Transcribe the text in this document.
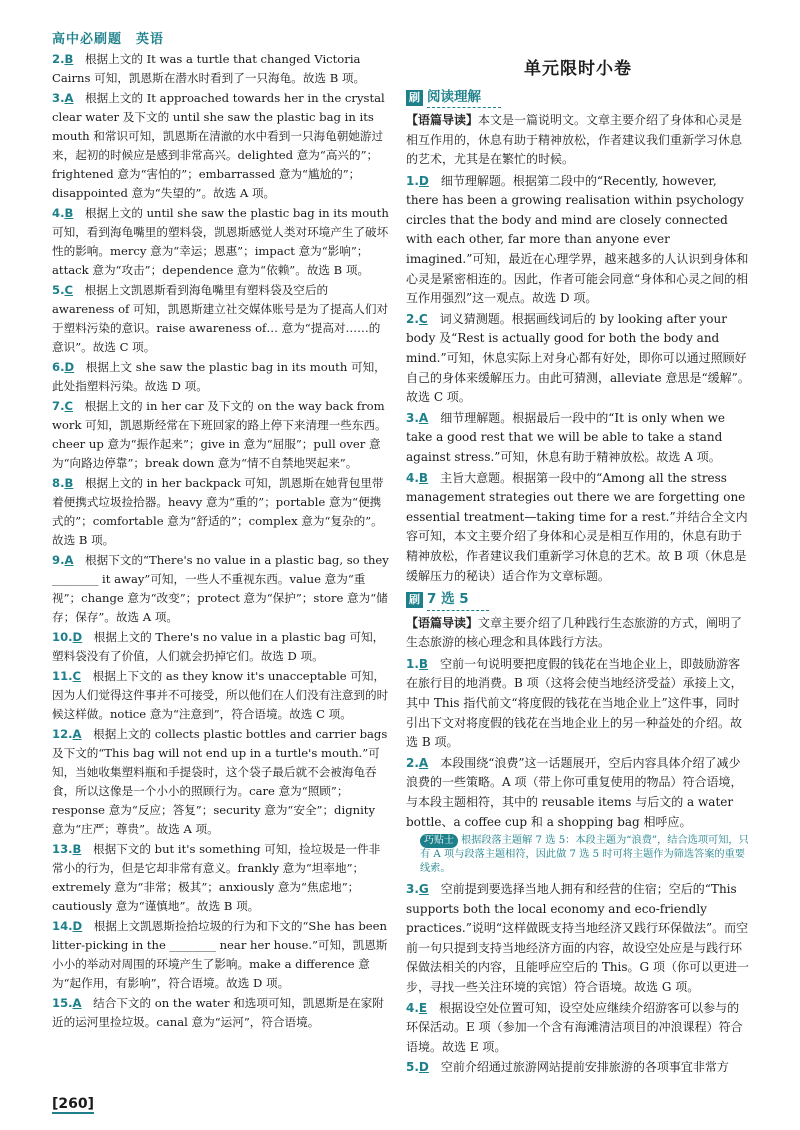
高中必刷题　英语
2.B　 根据上文的 It was a turtle that changed Victoria Cairns 可知，凯恩斯在潜水时看到了一只海龟。故选 B 项。
3.A　 根据上文的 It approached towards her in the crystal clear water 及下文的 until she saw the plastic bag in its mouth 和常识可知，凯恩斯在清澈的水中看到一只海龟朝她游过来，起初的时候应是感到非常高兴。delighted 意为“高兴的”；frightened 意为“害怕的”；embarrassed 意为“尴尬的”；disappointed 意为“失望的”。故选 A 项。
4.B　 根据上文的 until she saw the plastic bag in its mouth 可知，看到海龟嘴里的塑料袋，凯恩斯感觉人类对环境产生了破坏性的影响。mercy 意为“幸运；恩惠”；impact 意为“影响”；attack 意为“攻击”；dependence 意为“依赖”。故选 B 项。
5.C　 根据上文凯恩斯看到海龟嘴里有塑料袋及空后的 awareness of 可知，凯恩斯建立社交媒体账号是为了提高人们对于塑料污染的意识。raise awareness of… 意为“提高对……的意识”。故选 C 项。
6.D　 根据上文 she saw the plastic bag in its mouth 可知，此处指塑料污染。故选 D 项。
7.C　 根据上文的 in her car 及下文的 on the way back from work 可知，凯恩斯经常在下班回家的路上停下来清理一些东西。cheer up 意为“振作起来”；give in 意为“屈服”；pull over 意为“向路边停靠”；break down 意为“情不自禁地哭起来”。
8.B　 根据上文的 in her backpack 可知，凯恩斯在她背包里带着便携式垃圾捡拾器。heavy 意为“重的”；portable 意为“便携式的”；comfortable 意为“舒适的”；complex 意为“复杂的”。故选 B 项。
9.A　 根据下文的“There's no value in a plastic bag, so they ________ it away”可知，一些人不重视东西。value 意为“重视”；change 意为“改变”；protect 意为“保护”；store 意为“储存；保存”。故选 A 项。
10.D　 根据上文的 There's no value in a plastic bag 可知，塑料袋没有了价值，人们就会扔掉它们。故选 D 项。
11.C　 根据上下文的 as they know it's unacceptable 可知，因为人们觉得这件事并不可接受，所以他们在人们没有注意到的时候这样做。notice 意为“注意到”，符合语境。故选 C 项。
12.A　 根据上文的 collects plastic bottles and carrier bags 及下文的“This bag will not end up in a turtle's mouth.”可知，当她收集塑料瓶和手提袋时，这个袋子最后就不会被海龟吞食，所以这像是一个小小的照顾行为。care 意为“照顾”；response 意为“反应；答复”；security 意为“安全”；dignity 意为“庄严；尊贵”。故选 A 项。
13.B　 根据下文的 but it's something 可知，捡垃圾是一件非常小的行为，但是它却非常有意义。frankly 意为“坦率地”；extremely 意为“非常；极其”；anxiously 意为“焦虑地”；cautiously 意为“谨慎地”。故选 B 项。
14.D　 根据上文凯恩斯捡拾垃圾的行为和下文的“She has been litter-picking in the ________ near her house.”可知，凯恩斯小小的举动对周围的环境产生了影响。make a difference 意为“起作用，有影响”，符合语境。故选 D 项。
15.A　 结合下文的 on the water 和选项可知，凯恩斯是在家附近的运河里捡垃圾。canal 意为“运河”，符合语境。
单元限时小卷
刷 阅读理解
【语篇导读】本文是一篇说明文。文章主要介绍了身体和心灵是相互作用的，休息有助于精神放松，作者建议我们重新学习休息的艺术，尤其是在繁忙的时候。
1.D　 细节理解题。根据第二段中的“Recently, however, there has been a growing realisation within psychology circles that the body and mind are closely connected with each other, far more than anyone ever imagined.”可知，最近在心理学界，越来越多的人认识到身体和心灵是紧密相连的。因此，作者可能会同意“身体和心灵之间的相互作用强烈”这一观点。故选 D 项。
2.C　 词义猜测题。根据画线词后的 by looking after your body 及“Rest is actually good for both the body and mind.”可知，休息实际上对身心都有好处，即你可以通过照顾好自己的身体来缓解压力。由此可猜测，alleviate 意思是“缓解”。故选 C 项。
3.A　 细节理解题。根据最后一段中的“It is only when we take a good rest that we will be able to take a stand against stress.”可知，休息有助于精神放松。故选 A 项。
4.B　 主旨大意题。根据第一段中的“Among all the stress management strategies out there we are forgetting one essential treatment—taking time for a rest.”并结合全文内容可知，本文主要介绍了身体和心灵是相互作用的，休息有助于精神放松，作者建议我们重新学习休息的艺术。故 B 项（休息是缓解压力的秘诀）适合作为文章标题。
刷 7 选 5
【语篇导读】文章主要介绍了几种践行生态旅游的方式，阐明了生态旅游的核心理念和具体践行方法。
1.B　 空前一句说明要把度假的钱花在当地企业上，即鼓励游客在旅行目的地消费。B 项（这将会使当地经济受益）承接上文，其中 This 指代前文“将度假的钱花在当地企业上”这件事，同时引出下文对将度假的钱花在当地企业上的另一种益处的介绍。故选 B 项。
2.A　 本段围绕“浪费”这一话题展开，空后内容具体介绍了减少浪费的一些策略。A 项（带上你可重复使用的物品）符合语境，与本段主题相符，其中的 reusable items 与后文的 a water bottle、a coffee cup 和 a shopping bag 相呼应。
巧贴士 根据段落主题解 7 选 5：本段主题为“浪费”，结合选项可知，只有 A 项与段落主题相符，因此做 7 选 5 时可将主题作为筛选答案的重要线索。
3.G　 空前提到要选择当地人拥有和经营的住宿；空后的“This supports both the local economy and eco-friendly practices.”说明“这样做既支持当地经济又践行环保做法”。而空前一句只提到支持当地经济方面的内容，故设空处应是与践行环保做法相关的内容，且能呼应空后的 This。G 项（你可以更进一步，寻找一些关注环境的宾馆）符合语境。故选 G 项。
4.E　 根据设空处位置可知，设空处应继续介绍游客可以参与的环保活动。E 项（参加一个含有海滩清洁项目的冲浪课程）符合语境。故选 E 项。
5.D　 空前介绍通过旅游网站提前安排旅游的各项事宜非常方
[260]
